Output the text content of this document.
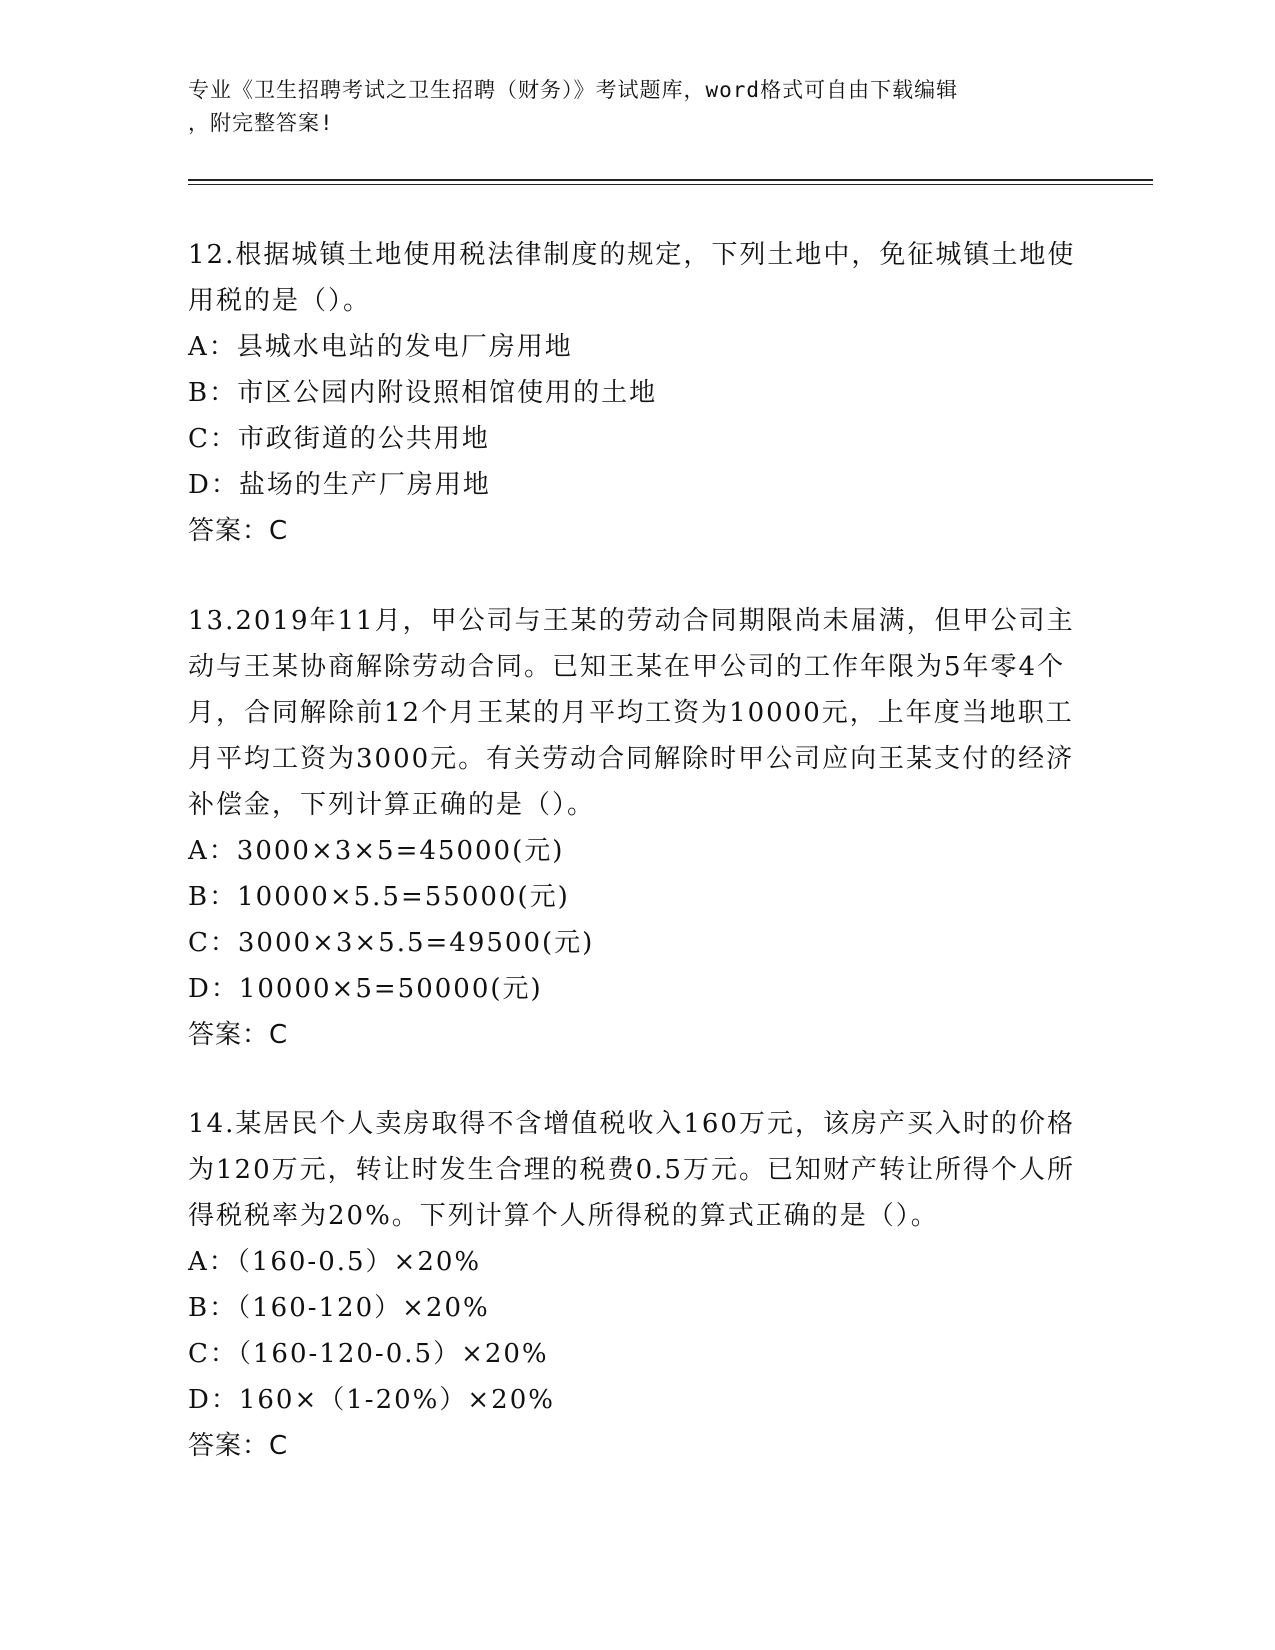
专业《卫生招聘考试之卫生招聘（财务）》考试题库，word格式可自由下载编辑
，附完整答案!

12.根据城镇土地使用税法律制度的规定，下列土地中，免征城镇土地使用税的是（）。

A：县城水电站的发电厂房用地

B：市区公园内附设照相馆使用的土地

C：市政街道的公共用地

D：盐场的生产厂房用地

答案：C

13.2019年11月，甲公司与王某的劳动合同期限尚未届满，但甲公司主动与王某协商解除劳动合同。已知王某在甲公司的工作年限为5年零4个月，合同解除前12个月王某的月平均工资为10000元，上年度当地职工月平均工资为3000元。有关劳动合同解除时甲公司应向王某支付的经济补偿金，下列计算正确的是（）。

A：3000×3×5=45000(元)

B：10000×5.5=55000(元)

C：3000×3×5.5=49500(元)

D：10000×5=50000(元)

答案：C

14.某居民个人卖房取得不含增值税收入160万元，该房产买入时的价格为120万元，转让时发生合理的税费0.5万元。已知财产转让所得个人所得税税率为20%。下列计算个人所得税的算式正确的是（）。

A：（160-0.5）×20%

B：（160-120）×20%

C：（160-120-0.5）×20%

D：160×（1-20%）×20%

答案：C
